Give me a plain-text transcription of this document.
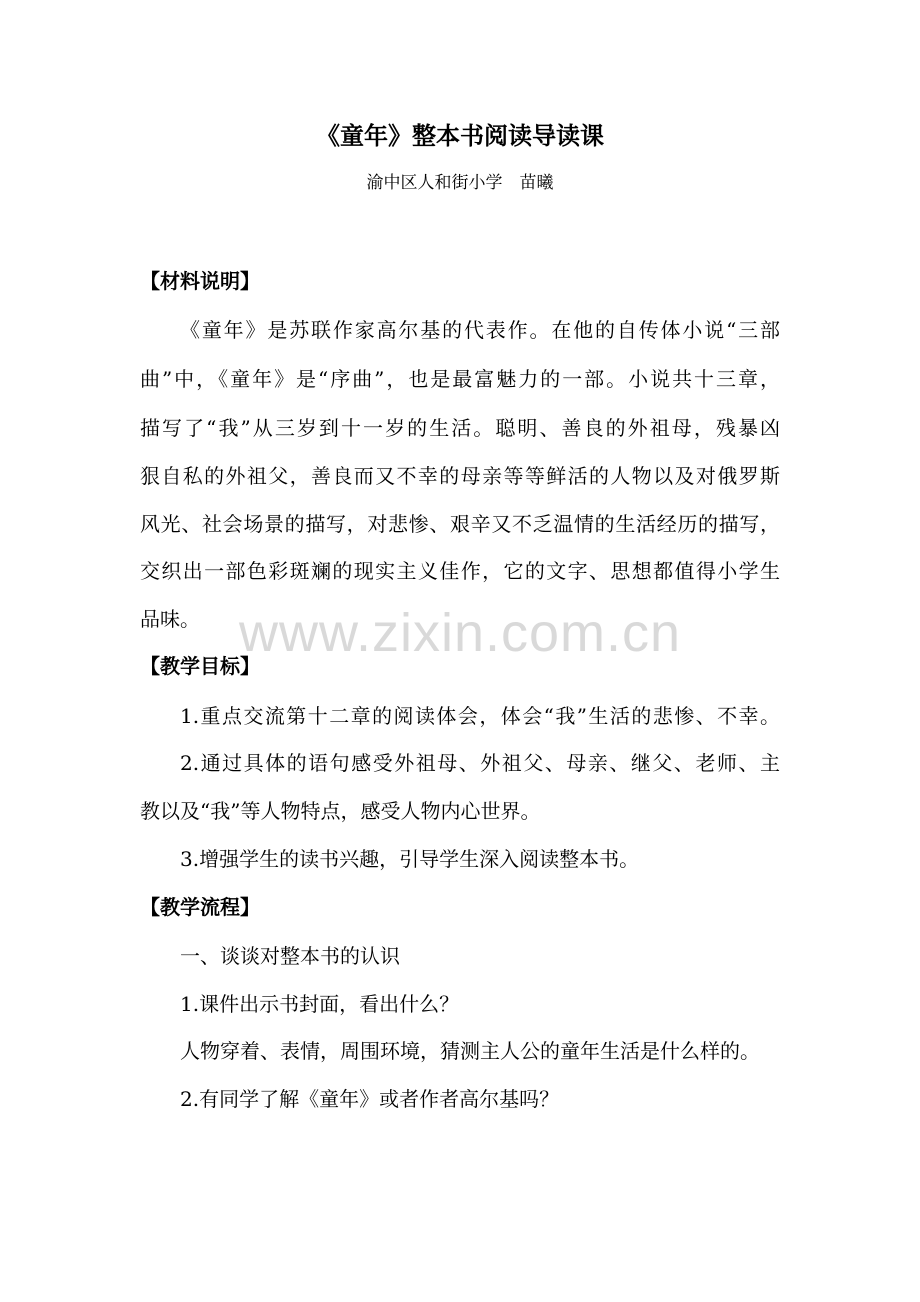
《童年》整本书阅读导读课
渝中区人和街小学　苗曦
【材料说明】
《童年》是苏联作家高尔基的代表作。在他的自传体小说“三部
曲”中，《童年》是“序曲”，也是最富魅力的一部。小说共十三章，
描写了“我”从三岁到十一岁的生活。聪明、善良的外祖母，残暴凶
狠自私的外祖父，善良而又不幸的母亲等等鲜活的人物以及对俄罗斯
风光、社会场景的描写，对悲惨、艰辛又不乏温情的生活经历的描写，
交织出一部色彩斑斓的现实主义佳作，它的文字、思想都值得小学生
品味。
【教学目标】
1.重点交流第十二章的阅读体会，体会“我”生活的悲惨、不幸。
2.通过具体的语句感受外祖母、外祖父、母亲、继父、老师、主
教以及“我”等人物特点，感受人物内心世界。
3.增强学生的读书兴趣，引导学生深入阅读整本书。
【教学流程】
一、谈谈对整本书的认识
1.课件出示书封面，看出什么？
人物穿着、表情，周围环境，猜测主人公的童年生活是什么样的。
2.有同学了解《童年》或者作者高尔基吗？
www.zixin.com.cn
